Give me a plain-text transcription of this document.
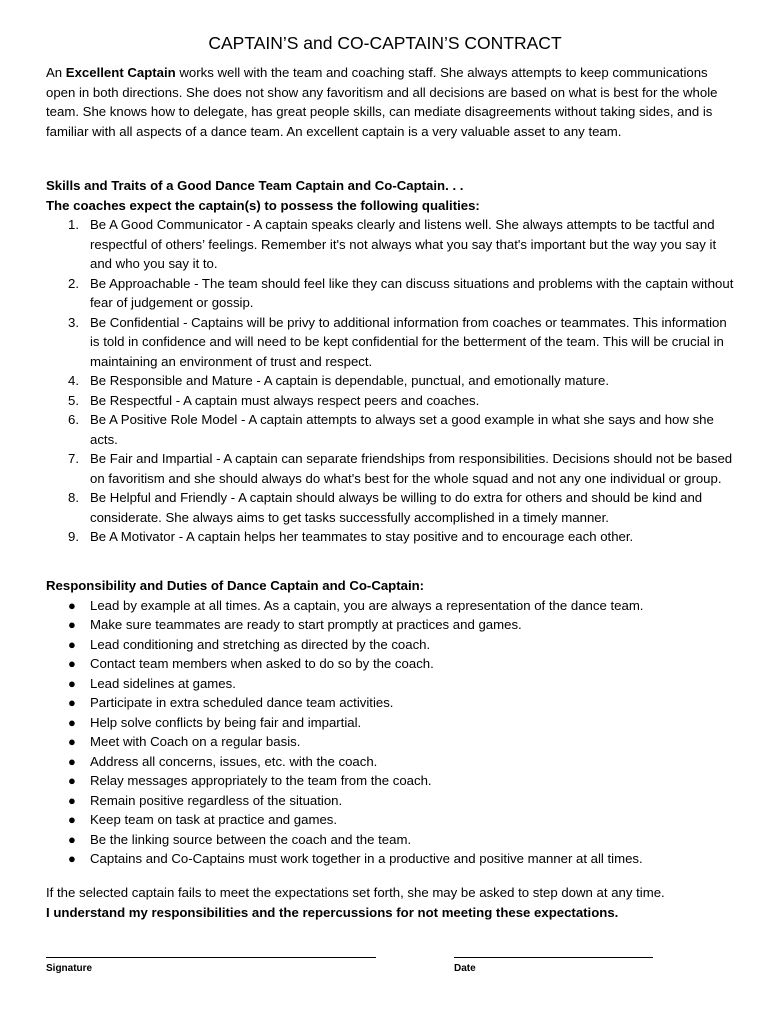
CAPTAIN’S and CO-CAPTAIN’S CONTRACT
An Excellent Captain works well with the team and coaching staff. She always attempts to keep communications open in both directions. She does not show any favoritism and all decisions are based on what is best for the whole team. She knows how to delegate, has great people skills, can mediate disagreements without taking sides, and is familiar with all aspects of a dance team. An excellent captain is a very valuable asset to any team.
Skills and Traits of a Good Dance Team Captain and Co-Captain. . .
The coaches expect the captain(s) to possess the following qualities:
1. Be A Good Communicator - A captain speaks clearly and listens well. She always attempts to be tactful and respectful of others’ feelings. Remember it's not always what you say that's important but the way you say it and who you say it to.
2. Be Approachable - The team should feel like they can discuss situations and problems with the captain without fear of judgement or gossip.
3. Be Confidential - Captains will be privy to additional information from coaches or teammates. This information is told in confidence and will need to be kept confidential for the betterment of the team. This will be crucial in maintaining an environment of trust and respect.
4. Be Responsible and Mature - A captain is dependable, punctual, and emotionally mature.
5. Be Respectful - A captain must always respect peers and coaches.
6. Be A Positive Role Model - A captain attempts to always set a good example in what she says and how she acts.
7. Be Fair and Impartial - A captain can separate friendships from responsibilities. Decisions should not be based on favoritism and she should always do what's best for the whole squad and not any one individual or group.
8. Be Helpful and Friendly - A captain should always be willing to do extra for others and should be kind and considerate. She always aims to get tasks successfully accomplished in a timely manner.
9. Be A Motivator - A captain helps her teammates to stay positive and to encourage each other.
Responsibility and Duties of Dance Captain and Co-Captain:
● Lead by example at all times. As a captain, you are always a representation of the dance team.
● Make sure teammates are ready to start promptly at practices and games.
● Lead conditioning and stretching as directed by the coach.
● Contact team members when asked to do so by the coach.
● Lead sidelines at games.
● Participate in extra scheduled dance team activities.
● Help solve conflicts by being fair and impartial.
● Meet with Coach on a regular basis.
● Address all concerns, issues, etc. with the coach.
● Relay messages appropriately to the team from the coach.
● Remain positive regardless of the situation.
● Keep team on task at practice and games.
● Be the linking source between the coach and the team.
● Captains and Co-Captains must work together in a productive and positive manner at all times.
If the selected captain fails to meet the expectations set forth, she may be asked to step down at any time.
I understand my responsibilities and the repercussions for not meeting these expectations.
Signature	Date
